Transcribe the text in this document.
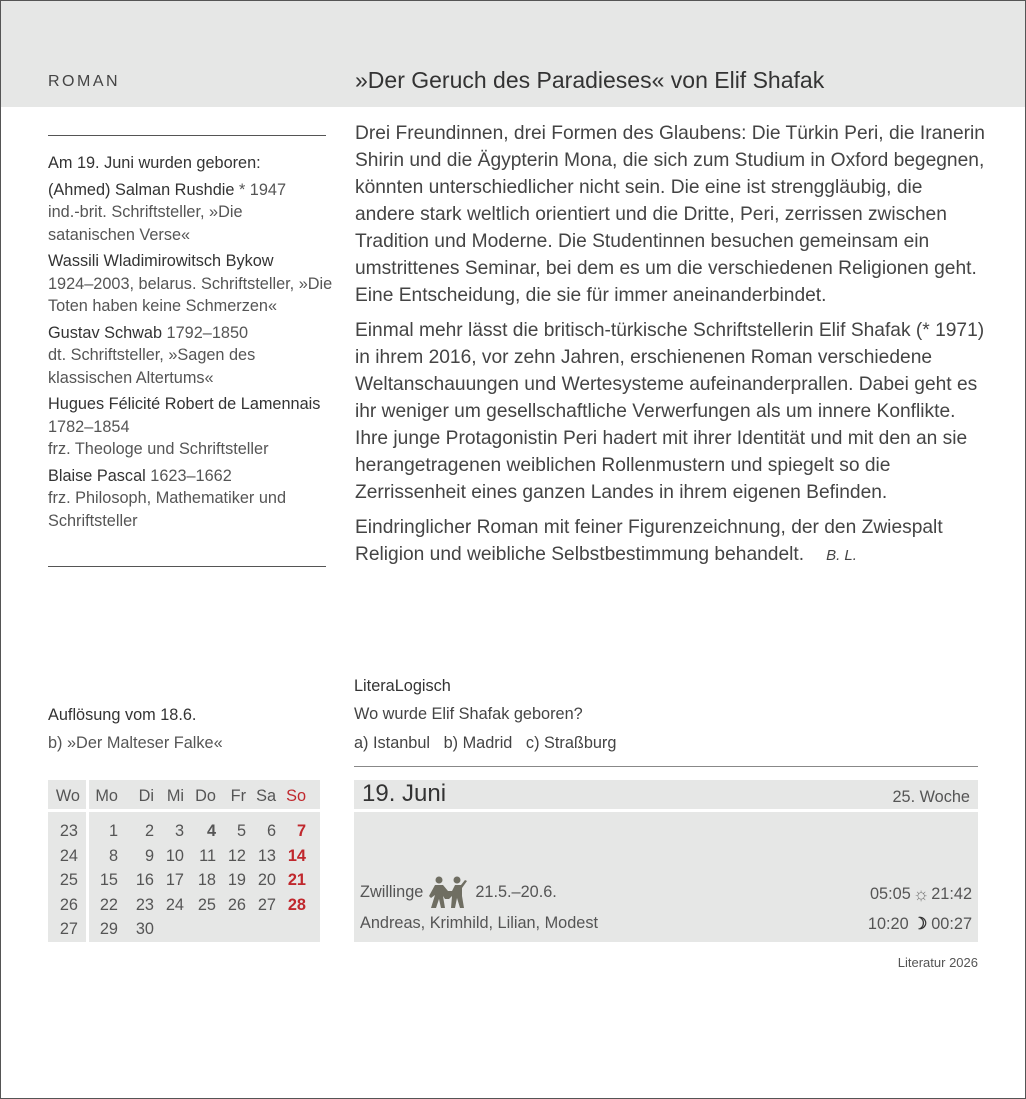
ROMAN	»Der Geruch des Paradieses« von Elif Shafak
Am 19. Juni wurden geboren:
(Ahmed) Salman Rushdie * 1947
ind.-brit. Schriftsteller, »Die satanischen Verse«
Wassili Wladimirowitsch Bykow
1924–2003, belarus. Schriftsteller, »Die Toten haben keine Schmerzen«
Gustav Schwab 1792–1850
dt. Schriftsteller, »Sagen des klassischen Altertums«
Hugues Félicité Robert de Lamennais 1782–1854
frz. Theologe und Schriftsteller
Blaise Pascal 1623–1662
frz. Philosoph, Mathematiker und Schriftsteller

Drei Freundinnen, drei Formen des Glaubens: Die Türkin Peri, die Iranerin Shirin und die Ägypterin Mona, die sich zum Studium in Oxford begegnen, könnten unterschiedlicher nicht sein. Die eine ist strenggläubig, die andere stark weltlich orientiert und die Dritte, Peri, zerrissen zwischen Tradition und Moderne. Die Studentinnen besuchen gemeinsam ein umstrittenes Seminar, bei dem es um die verschiedenen Religionen geht. Eine Entscheidung, die sie für immer aneinanderbindet.

Einmal mehr lässt die britisch-türkische Schriftstellerin Elif Shafak (* 1971) in ihrem 2016, vor zehn Jahren, erschienenen Roman verschiedene Weltanschauungen und Wertesysteme aufeinanderprallen. Dabei geht es ihr weniger um gesellschaftliche Verwerfungen als um innere Konflikte. Ihre junge Protagonistin Peri hadert mit ihrer Identität und mit den an sie herangetragenen weiblichen Rollenmustern und spiegelt so die Zerrissenheit eines ganzen Landes in ihrem eigenen Befinden.

Eindringlicher Roman mit feiner Figurenzeichnung, der den Zwiespalt Religion und weibliche Selbstbestimmung behandelt. B. L.

Auflösung vom 18.6.
b) »Der Malteser Falke«
LiteraLogisch
Wo wurde Elif Shafak geboren?
a) Istanbul   b) Madrid   c) Straßburg
Wo Mo	Di Mi Do Fr Sa So
23	1	2	3	4	5	6	7
24	8	9 10 11 12 13 14
25	15	16 17 18 19 20 21
26	22	23 24 25 26 27 28
27	29	30
19. Juni	25. Woche
Zwillinge	21.5.–20.6.
Andreas, Krimhild, Lilian, Modest
05:05 ☼ 21:42
10:20 ☽ 00:27
Literatur 2026
